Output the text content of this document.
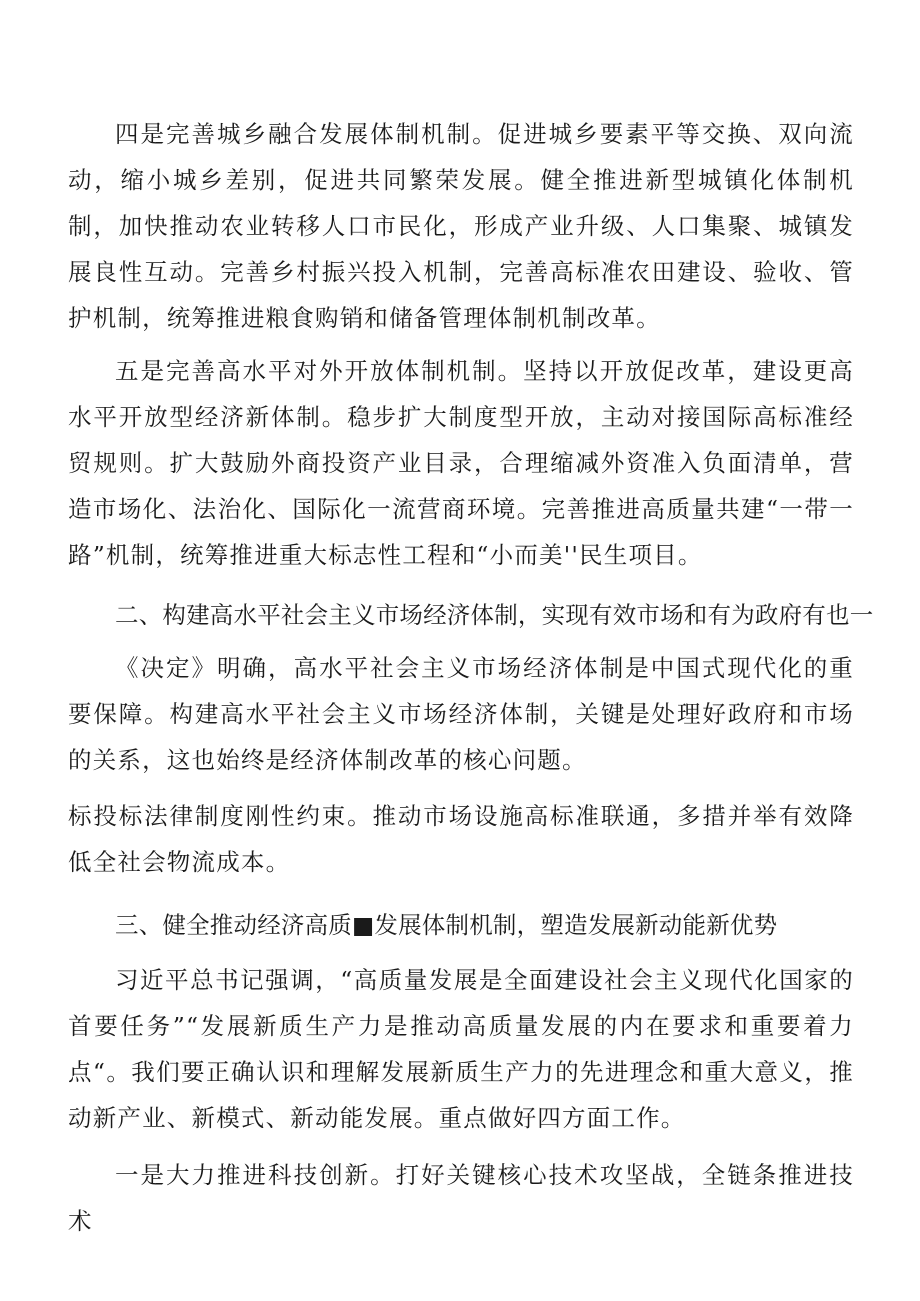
四是完善城乡融合发展体制机制。促进城乡要素平等交换、双向流动，缩小城乡差别，促进共同繁荣发展。健全推进新型城镇化体制机制，加快推动农业转移人口市民化，形成产业升级、人口集聚、城镇发展良性互动。完善乡村振兴投入机制，完善高标准农田建设、验收、管护机制，统筹推进粮食购销和储备管理体制机制改革。

五是完善高水平对外开放体制机制。坚持以开放促改革，建设更高水平开放型经济新体制。稳步扩大制度型开放，主动对接国际高标准经贸规则。扩大鼓励外商投资产业目录，合理缩减外资准入负面清单，营造市场化、法治化、国际化一流营商环境。完善推进高质量共建“一带一路”机制，统筹推进重大标志性工程和“小而美''民生项目。

二、构建高水平社会主义市场经济体制，实现有效市场和有为政府有也一

《决定》明确，高水平社会主义市场经济体制是中国式现代化的重要保障。构建高水平社会主义市场经济体制，关键是处理好政府和市场的关系，这也始终是经济体制改革的核心问题。

标投标法律制度刚性约束。推动市场设施高标准联通，多措并举有效降低全社会物流成本。

三、健全推动经济高质■发展体制机制，塑造发展新动能新优势

习近平总书记强调，“高质量发展是全面建设社会主义现代化国家的首要任务”“发展新质生产力是推动高质量发展的内在要求和重要着力点“。我们要正确认识和理解发展新质生产力的先进理念和重大意义，推动新产业、新模式、新动能发展。重点做好四方面工作。

一是大力推进科技创新。打好关键核心技术攻坚战，全链条推进技术
